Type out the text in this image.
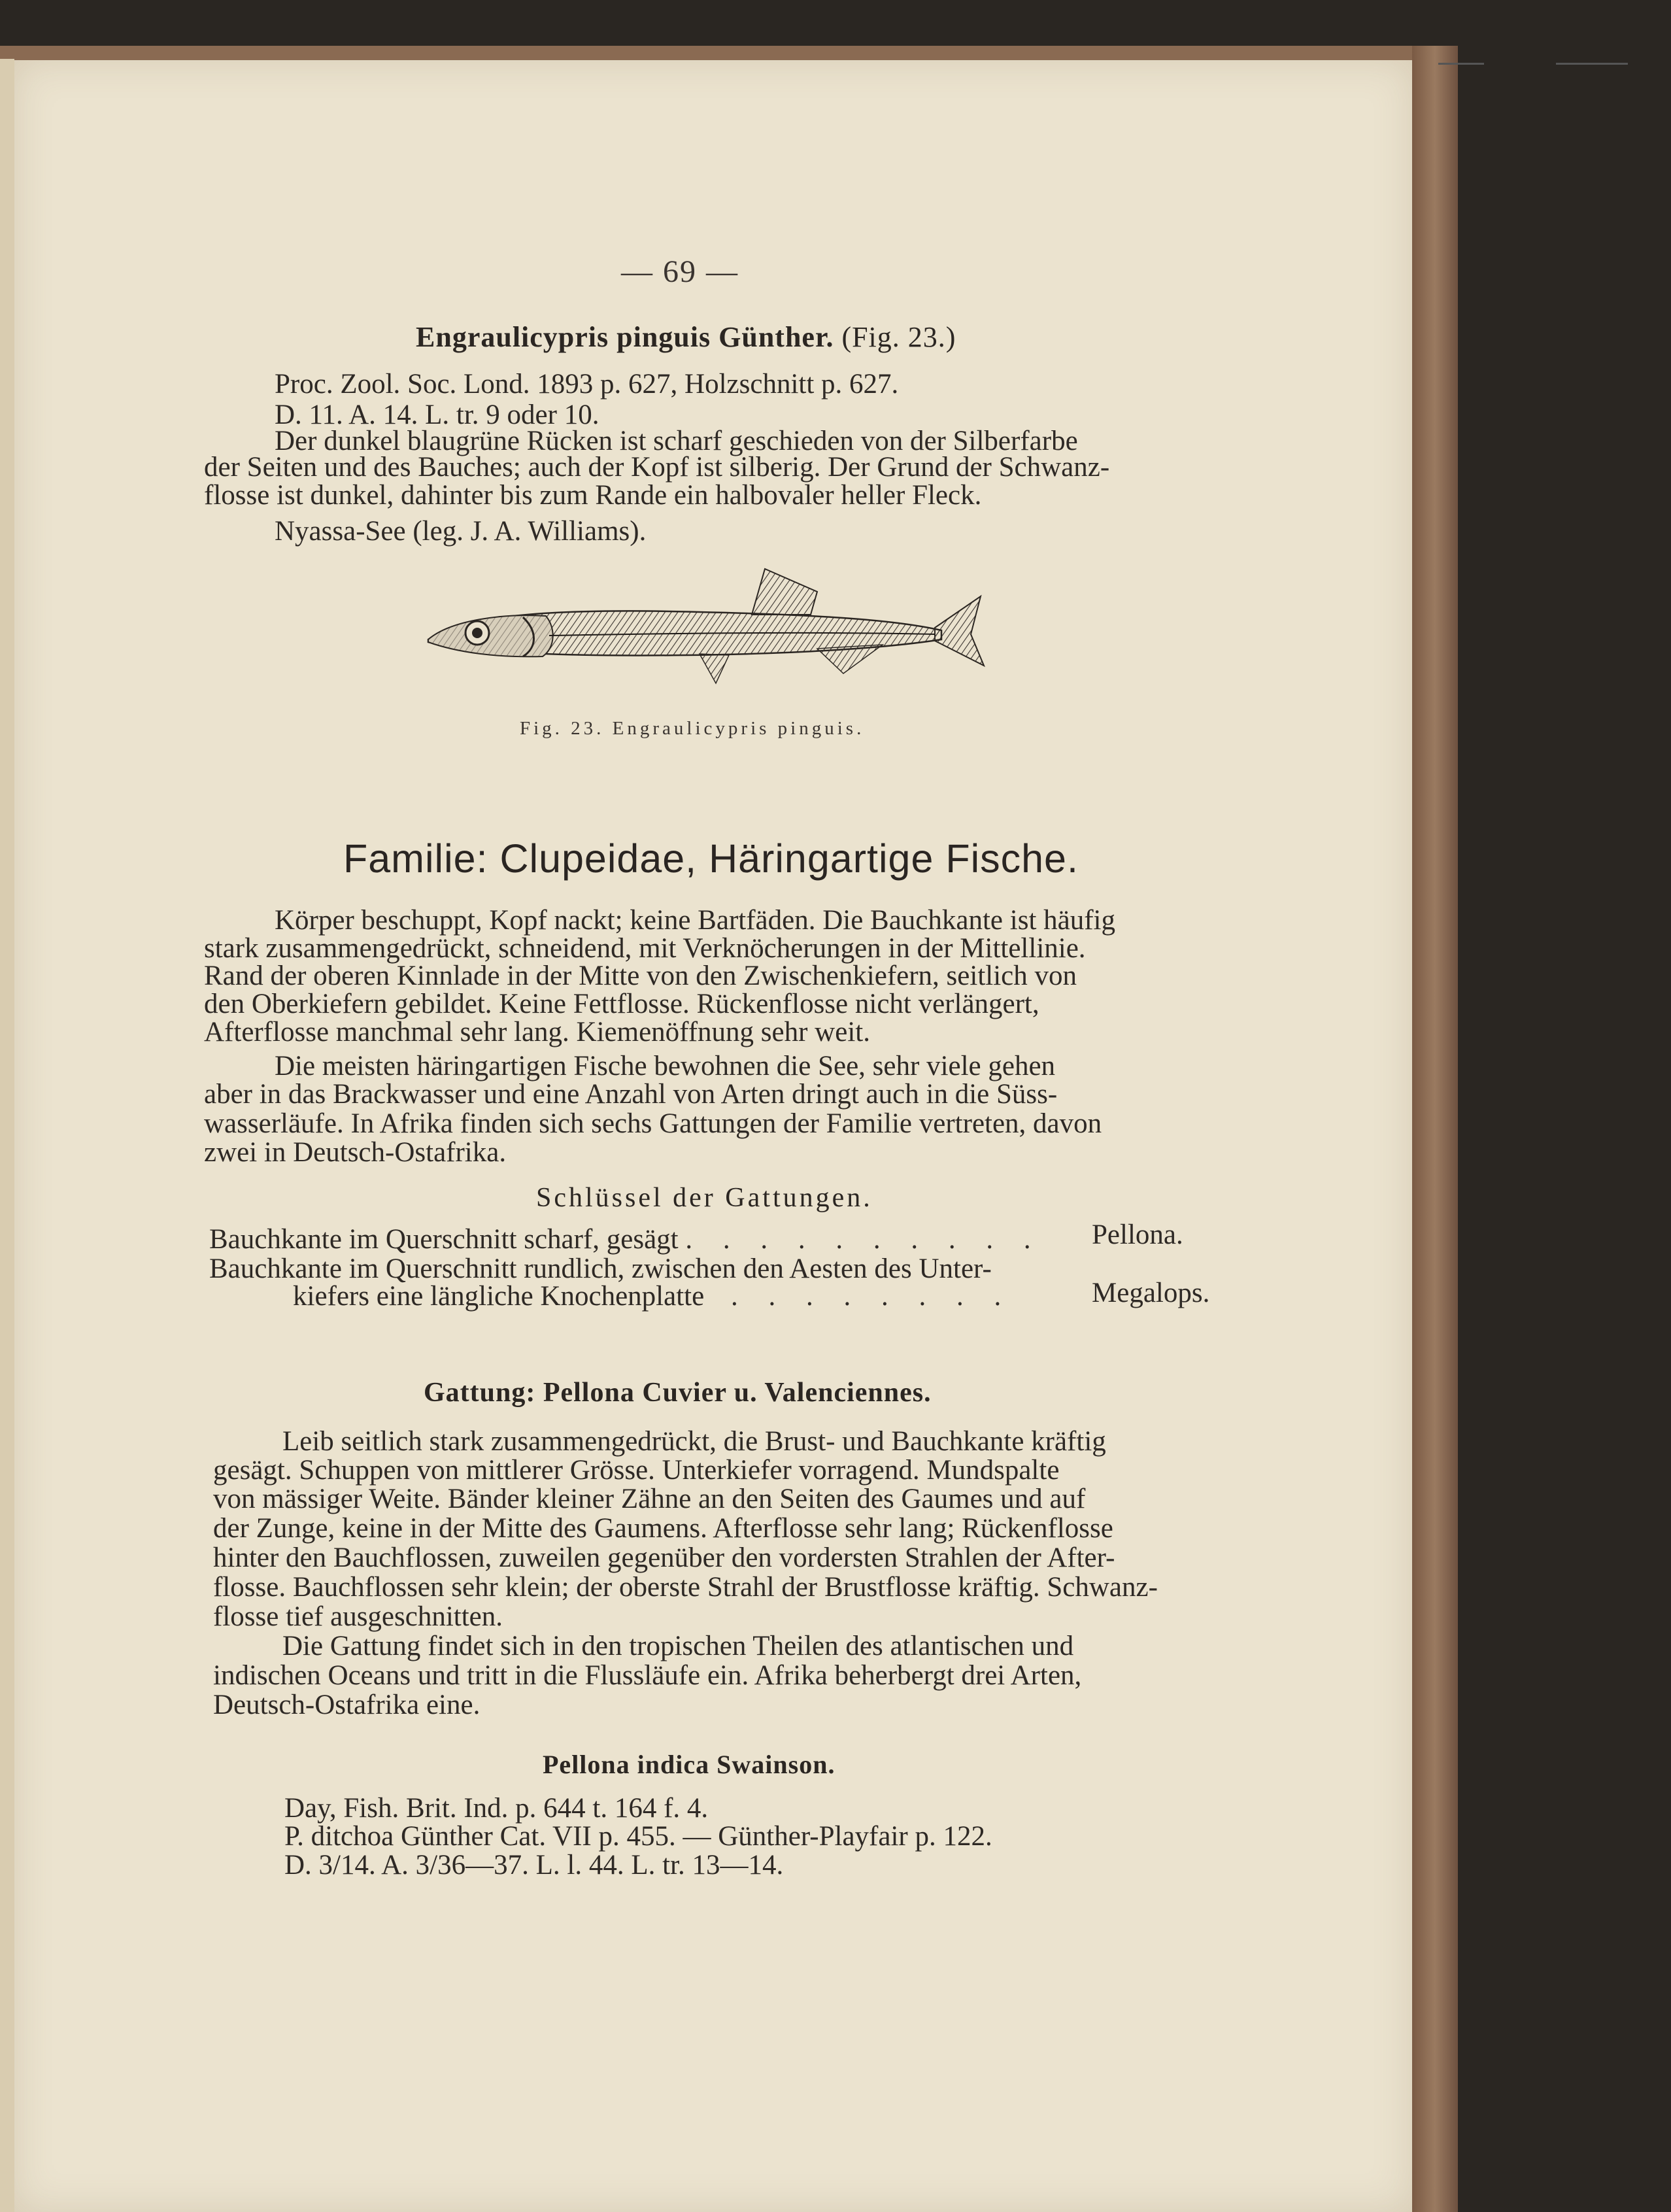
— 69 —
Engraulicypris pinguis Günther. (Fig. 23.)
Proc. Zool. Soc. Lond. 1893 p. 627, Holzschnitt p. 627.
D. 11. A. 14. L. tr. 9 oder 10.
Der dunkel blaugrüne Rücken ist scharf geschieden von der Silberfarbe
der Seiten und des Bauches; auch der Kopf ist silberig. Der Grund der Schwanz-
flosse ist dunkel, dahinter bis zum Rande ein halbovaler heller Fleck.
Nyassa-See (leg. J. A. Williams).
Fig. 23. Engraulicypris pinguis.
Familie: Clupeidae, Häringartige Fische.
Körper beschuppt, Kopf nackt; keine Bartfäden. Die Bauchkante ist häufig
stark zusammengedrückt, schneidend, mit Verknöcherungen in der Mittellinie.
Rand der oberen Kinnlade in der Mitte von den Zwischenkiefern, seitlich von
den Oberkiefern gebildet. Keine Fettflosse. Rückenflosse nicht verlängert,
Afterflosse manchmal sehr lang. Kiemenöffnung sehr weit.
Die meisten häringartigen Fische bewohnen die See, sehr viele gehen
aber in das Brackwasser und eine Anzahl von Arten dringt auch in die Süss-
wasserläufe. In Afrika finden sich sechs Gattungen der Familie vertreten, davon
zwei in Deutsch-Ostafrika.
Schlüssel der Gattungen.
Bauchkante im Querschnitt scharf, gesägt . . . . . . . . . . Pellona.
Bauchkante im Querschnitt rundlich, zwischen den Aesten des Unter-
kiefers eine längliche Knochenplatte . . . . . . . .	Megalops.
Gattung: Pellona Cuvier u. Valenciennes.
Leib seitlich stark zusammengedrückt, die Brust- und Bauchkante kräftig
gesägt. Schuppen von mittlerer Grösse. Unterkiefer vorragend. Mundspalte
von mässiger Weite. Bänder kleiner Zähne an den Seiten des Gaumes und auf
der Zunge, keine in der Mitte des Gaumens. Afterflosse sehr lang; Rückenflosse
hinter den Bauchflossen, zuweilen gegenüber den vordersten Strahlen der After-
flosse. Bauchflossen sehr klein; der oberste Strahl der Brustflosse kräftig. Schwanz-
flosse tief ausgeschnitten.
Die Gattung findet sich in den tropischen Theilen des atlantischen und
indischen Oceans und tritt in die Flussläufe ein. Afrika beherbergt drei Arten,
Deutsch-Ostafrika eine.
Pellona indica Swainson.
Day, Fish. Brit. Ind. p. 644 t. 164 f. 4.
P. ditchoa Günther Cat. VII p. 455. — Günther-Playfair p. 122.
D. 3/14. A. 3/36—37. L. l. 44. L. tr. 13—14.
